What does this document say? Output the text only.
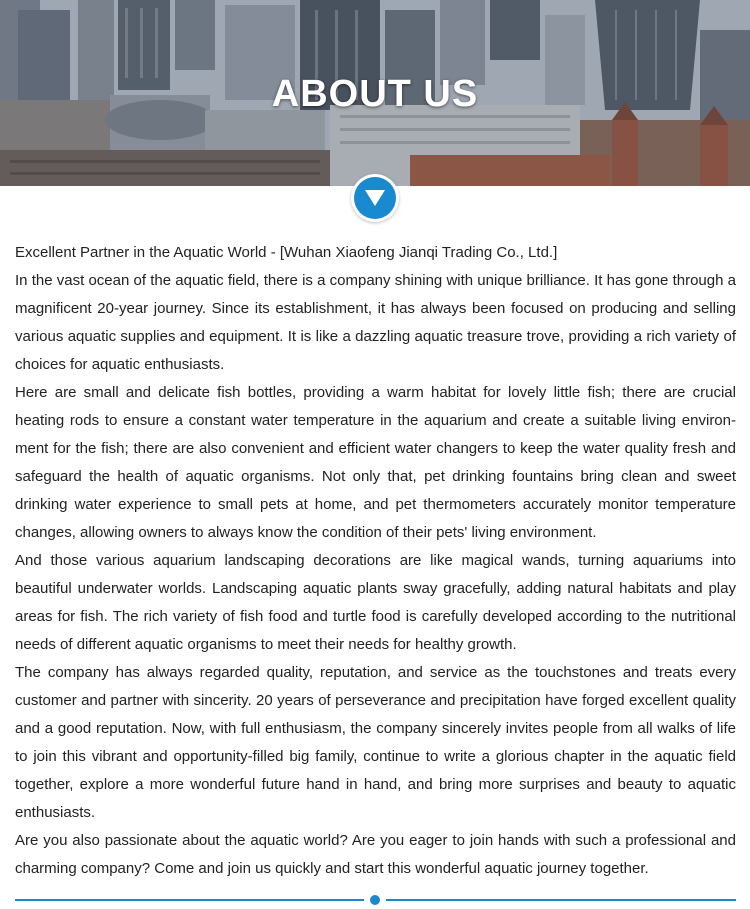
ABOUT US

Excellent Partner in the Aquatic World - [Wuhan Xiaofeng Jianqi Trading Co., Ltd.]

In the vast ocean of the aquatic field, there is a company shining with unique brilliance. It has gone through a magnificent 20-year journey. Since its establishment, it has always been focused on producing and selling various aquatic supplies and equipment. It is like a dazzling aquatic treasure trove, providing a rich variety of choices for aquatic enthusiasts.

Here are small and delicate fish bottles, providing a warm habitat for lovely little fish; there are crucial heating rods to ensure a constant water temperature in the aquarium and create a suitable living environment for the fish; there are also convenient and efficient water changers to keep the water quality fresh and safeguard the health of aquatic organisms. Not only that, pet drinking fountains bring clean and sweet drinking water experience to small pets at home, and pet thermometers accurately monitor temperature changes, allowing owners to always know the condition of their pets' living environment.

And those various aquarium landscaping decorations are like magical wands, turning aquariums into beautiful underwater worlds. Landscaping aquatic plants sway gracefully, adding natural habitats and play areas for fish. The rich variety of fish food and turtle food is carefully developed according to the nutritional needs of different aquatic organisms to meet their needs for healthy growth.

The company has always regarded quality, reputation, and service as the touchstones and treats every customer and partner with sincerity. 20 years of perseverance and precipitation have forged excellent quality and a good reputation. Now, with full enthusiasm, the company sincerely invites people from all walks of life to join this vibrant and opportunity-filled big family, continue to write a glorious chapter in the aquatic field together, explore a more wonderful future hand in hand, and bring more surprises and beauty to aquatic enthusiasts.

Are you also passionate about the aquatic world? Are you eager to join hands with such a professional and charming company? Come and join us quickly and start this wonderful aquatic journey together.
